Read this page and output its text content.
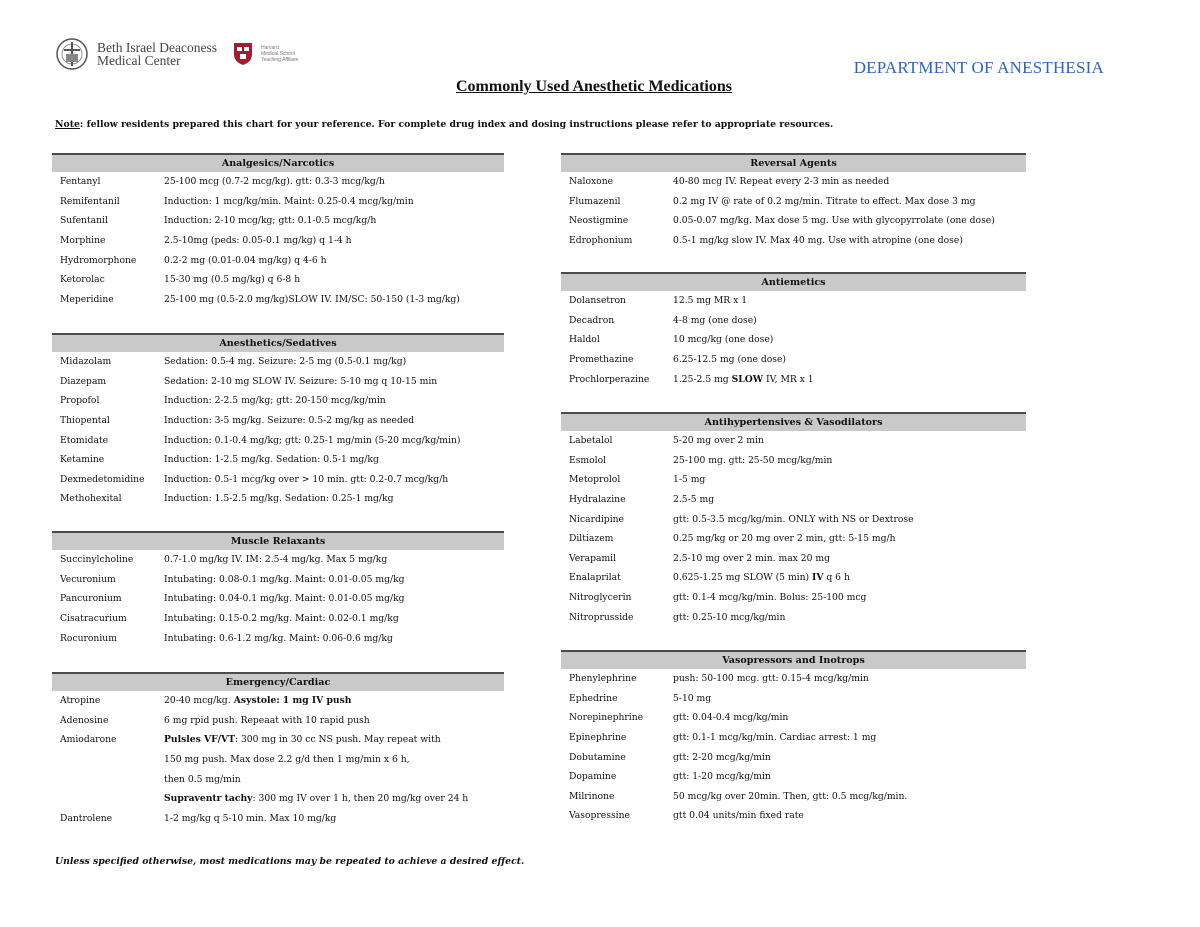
Beth Israel Deaconess
Medical Center
Harvard
Medical School
Teaching Affiliate	DEPARTMENT OF ANESTHESIA
Commonly Used Anesthetic Medications
Note: fellow residents prepared this chart for your reference. For complete drug index and dosing instructions please refer to appropriate resources.
Analgesics/Narcotics
Fentanyl	25-100 mcg (0.7-2 mcg/kg). gtt: 0.3-3 mcg/kg/h
Remifentanil	Induction: 1 mcg/kg/min. Maint: 0.25-0.4 mcg/kg/min
Sufentanil	Induction: 2-10 mcg/kg; gtt: 0.1-0.5 mcg/kg/h
Morphine	2.5-10mg (peds: 0.05-0.1 mg/kg) q 1-4 h
Hydromorphone	0.2-2 mg (0.01-0.04 mg/kg) q 4-6 h
Ketorolac	15-30 mg (0.5 mg/kg) q 6-8 h
Meperidine	25-100 mg (0.5-2.0 mg/kg)SLOW IV. IM/SC: 50-150 (1-3 mg/kg)
Anesthetics/Sedatives
Midazolam	Sedation: 0.5-4 mg. Seizure: 2-5 mg (0.5-0.1 mg/kg)
Diazepam	Sedation: 2-10 mg SLOW IV. Seizure: 5-10 mg q 10-15 min
Propofol	Induction: 2-2.5 mg/kg; gtt: 20-150 mcg/kg/min
Thiopental	Induction: 3-5 mg/kg. Seizure: 0.5-2 mg/kg as needed
Etomidate	Induction: 0.1-0.4 mg/kg; gtt: 0.25-1 mg/min (5-20 mcg/kg/min)
Ketamine	Induction: 1-2.5 mg/kg. Sedation: 0.5-1 mg/kg
Dexmedetomidine	Induction: 0.5-1 mcg/kg over > 10 min. gtt: 0.2-0.7 mcg/kg/h
Methohexital	Induction: 1.5-2.5 mg/kg. Sedation: 0.25-1 mg/kg
Muscle Relaxants
Succinylcholine	0.7-1.0 mg/kg IV. IM: 2.5-4 mg/kg. Max 5 mg/kg
Vecuronium	Intubating: 0.08-0.1 mg/kg. Maint: 0.01-0.05 mg/kg
Pancuronium	Intubating: 0.04-0.1 mg/kg. Maint: 0.01-0.05 mg/kg
Cisatracurium	Intubating: 0.15-0.2 mg/kg. Maint: 0.02-0.1 mg/kg
Rocuronium	Intubating: 0.6-1.2 mg/kg. Maint: 0.06-0.6 mg/kg
Emergency/Cardiac
Atropine	20-40 mcg/kg. Asystole: 1 mg IV push
Adenosine	6 mg rpid push. Repeaat with 10 rapid push
Amiodarone	Pulsles VF/VT: 300 mg in 30 cc NS push. May repeat with
150 mg push. Max dose 2.2 g/d then 1 mg/min x 6 h,
then 0.5 mg/min
Supraventr tachy: 300 mg IV over 1 h, then 20 mg/kg over 24 h
Dantrolene	1-2 mg/kg q 5-10 min. Max 10 mg/kg
Reversal Agents
Naloxone	40-80 mcg IV. Repeat every 2-3 min as needed
Flumazenil	0.2 mg IV @ rate of 0.2 mg/min. Titrate to effect. Max dose 3 mg
Neostigmine	0.05-0.07 mg/kg. Max dose 5 mg. Use with glycopyrrolate (one dose)
Edrophonium	0.5-1 mg/kg slow IV. Max 40 mg. Use with atropine (one dose)
Antiemetics
Dolansetron	12.5 mg MR x 1
Decadron	4-8 mg (one dose)
Haldol	10 mcg/kg (one dose)
Promethazine	6.25-12.5 mg (one dose)
Prochlorperazine	1.25-2.5 mg SLOW IV, MR x 1
Antihypertensives & Vasodilators
Labetalol	5-20 mg over 2 min
Esmolol	25-100 mg. gtt: 25-50 mcg/kg/min
Metoprolol	1-5 mg
Hydralazine	2.5-5 mg
Nicardipine	gtt: 0.5-3.5 mcg/kg/min. ONLY with NS or Dextrose
Diltiazem	0.25 mg/kg or 20 mg over 2 min, gtt: 5-15 mg/h
Verapamil	2.5-10 mg over 2 min. max 20 mg
Enalaprilat	0.625-1.25 mg SLOW (5 min) IV q 6 h
Nitroglycerin	gtt: 0.1-4 mcg/kg/min. Bolus: 25-100 mcg
Nitroprusside	gtt: 0.25-10 mcg/kg/min
Vasopressors and Inotrops
Phenylephrine	push: 50-100 mcg. gtt: 0.15-4 mcg/kg/min
Ephedrine	5-10 mg
Norepinephrine	gtt: 0.04-0.4 mcg/kg/min
Epinephrine	gtt: 0.1-1 mcg/kg/min. Cardiac arrest: 1 mg
Dobutamine	gtt: 2-20 mcg/kg/min
Dopamine	gtt: 1-20 mcg/kg/min
Milrinone	50 mcg/kg over 20min. Then, gtt: 0.5 mcg/kg/min.
Vasopressine	gtt 0.04 units/min fixed rate
Unless specified otherwise, most medications may be repeated to achieve a desired effect.
